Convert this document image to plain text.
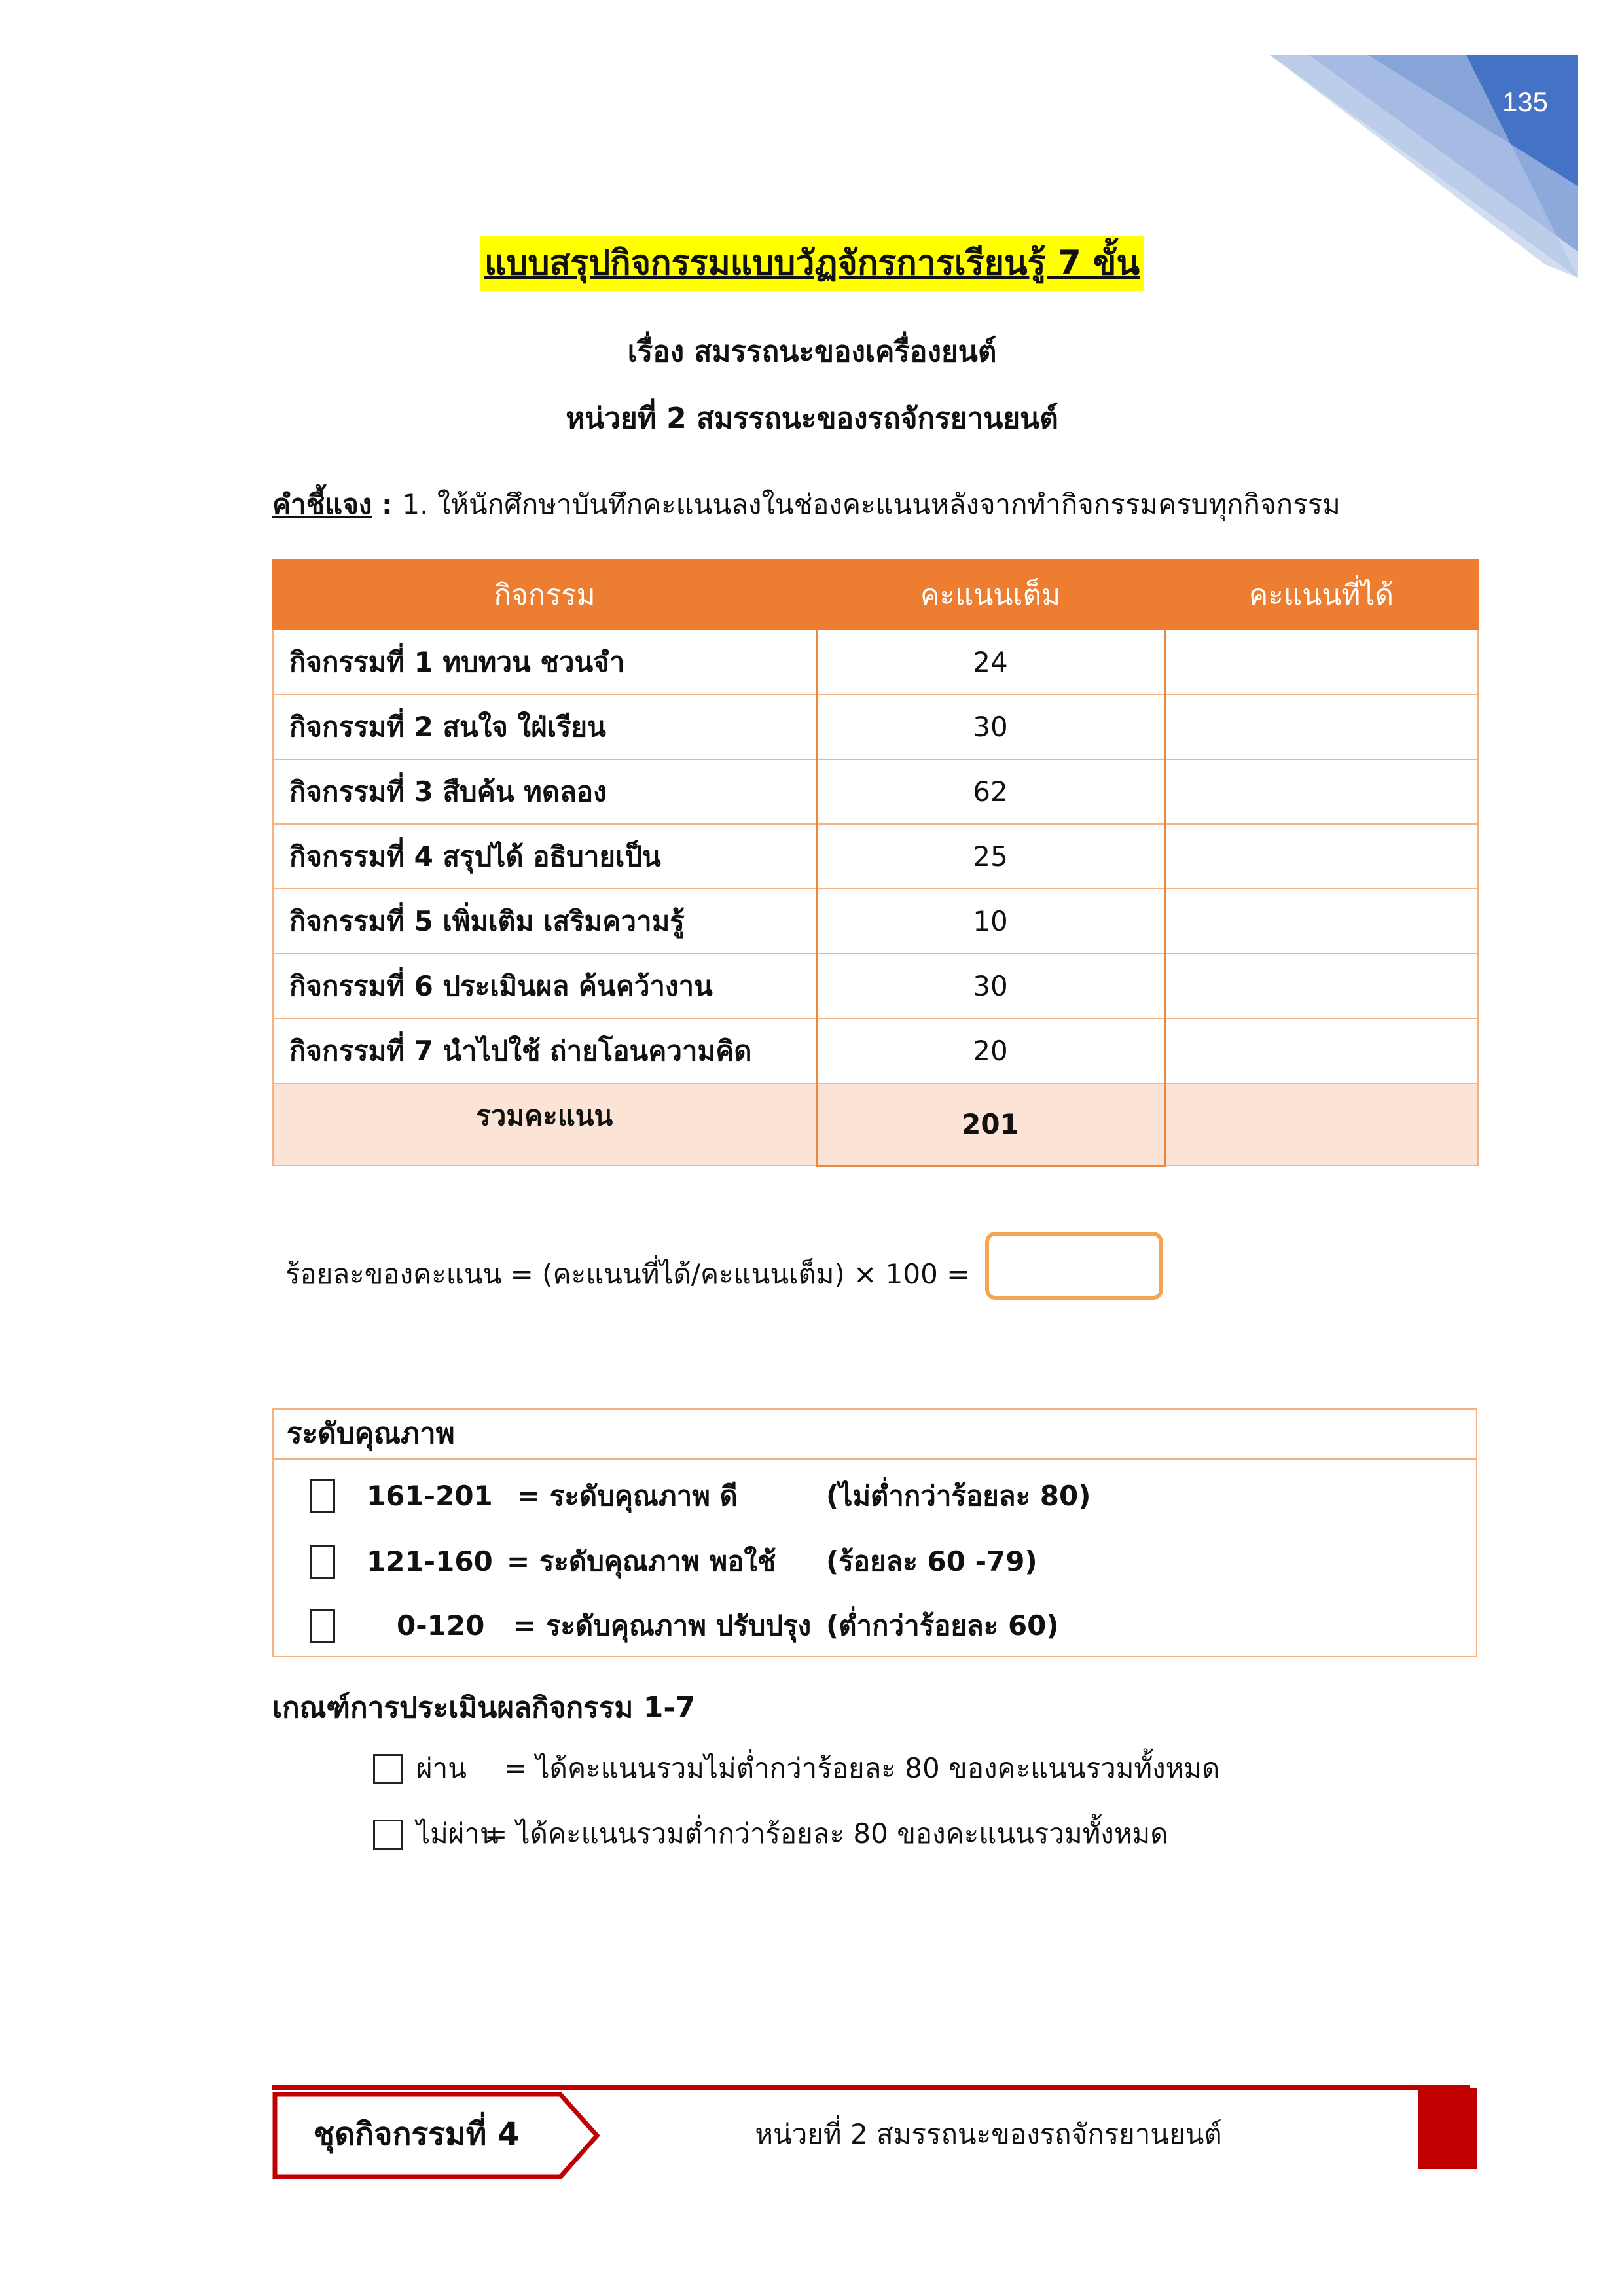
135
แบบสรุปกิจกรรมแบบวัฏจักรการเรียนรู้ 7 ขั้น
เรื่อง สมรรถนะของเครื่องยนต์
หน่วยที่ 2 สมรรถนะของรถจักรยานยนต์
คำชี้แจง : 1. ให้นักศึกษาบันทึกคะแนนลงในช่องคะแนนหลังจากทำกิจกรรมครบทุกกิจกรรม
กิจกรรม	คะแนนเต็ม	คะแนนที่ได้
กิจกรรมที่ 1 ทบทวน ชวนจำ	24	
กิจกรรมที่ 2 สนใจ ใฝ่เรียน	30	
กิจกรรมที่ 3 สืบค้น ทดลอง	62	
กิจกรรมที่ 4 สรุปได้ อธิบายเป็น	25	
กิจกรรมที่ 5 เพิ่มเติม เสริมความรู้	10	
กิจกรรมที่ 6 ประเมินผล ค้นคว้างาน	30	
กิจกรรมที่ 7 นำไปใช้ ถ่ายโอนความคิด	20	
รวมคะแนน	201	
ร้อยละของคะแนน = (คะแนนที่ได้/คะแนนเต็ม) × 100 =
ระดับคุณภาพ
161-201 = ระดับคุณภาพ ดี	(ไม่ต่ำกว่าร้อยละ 80)
121-160 = ระดับคุณภาพ พอใช้ (ร้อยละ 60 -79)
0-120 = ระดับคุณภาพ ปรับปรุง (ต่ำกว่าร้อยละ 60)
เกณฑ์การประเมินผลกิจกรรม 1-7
ผ่าน = ได้คะแนนรวมไม่ต่ำกว่าร้อยละ 80 ของคะแนนรวมทั้งหมด
ไม่ผ่าน
= ได้คะแนนรวมต่ำกว่าร้อยละ 80 ของคะแนนรวมทั้งหมด
ชุดกิจกรรมที่ 4	หน่วยที่ 2 สมรรถนะของรถจักรยานยนต์
